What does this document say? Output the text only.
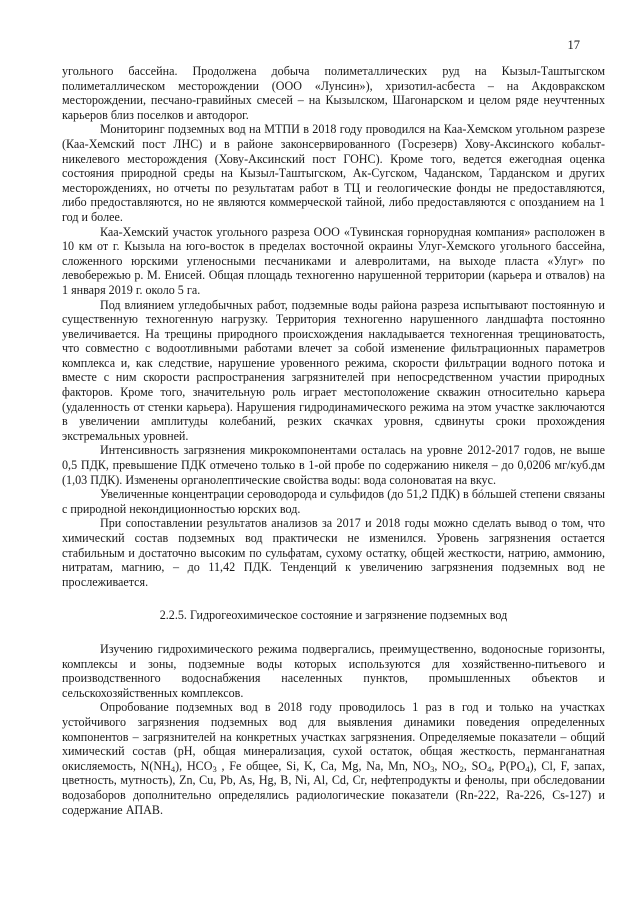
17

угольного бассейна. Продолжена добыча полиметаллических руд на Кызыл-Таштыгском полиметаллическом месторождении (ООО «Лунсин»), хризотил-асбеста – на Акдовракском месторождении, песчано-гравийных смесей – на Кызылском, Шагонарском и целом ряде неучтенных карьеров близ поселков и автодорог.

Мониторинг подземных вод на МТПИ в 2018 году проводился на Каа-Хемском угольном разрезе (Каа-Хемский пост ЛНС) и в районе законсервированного (Госрезерв) Хову-Аксинского кобальт-никелевого месторождения (Хову-Аксинский пост ГОНС). Кроме того, ведется ежегодная оценка состояния природной среды на Кызыл-Таштыгском, Ак-Сугском, Чаданском, Тарданском и других месторождениях, но отчеты по результатам работ в ТЦ и геологические фонды не предоставляются, либо предоставляются, но не являются коммерческой тайной, либо предоставляются с опозданием на 1 год и более.

Каа-Хемский участок угольного разреза ООО «Тувинская горнорудная компания» расположен в 10 км от г. Кызыла на юго-восток в пределах восточной окраины Улуг-Хемского угольного бассейна, сложенного юрскими угленосными песчаниками и алевролитами, на выходе пласта «Улуг» по левобережью р. М. Енисей. Общая площадь техногенно нарушенной территории (карьера и отвалов) на 1 января 2019 г. около 5 га.

Под влиянием угледобычных работ, подземные воды района разреза испытывают постоянную и существенную техногенную нагрузку. Территория техногенно нарушенного ландшафта постоянно увеличивается. На трещины природного происхождения накладывается техногенная трещиноватость, что совместно с водоотливными работами влечет за собой изменение фильтрационных параметров комплекса и, как следствие, нарушение уровенного режима, скорости фильтрации водного потока и вместе с ним скорости распространения загрязнителей при непосредственном участии природных факторов. Кроме того, значительную роль играет местоположение скважин относительно карьера (удаленность от стенки карьера). Нарушения гидродинамического режима на этом участке заключаются в увеличении амплитуды колебаний, резких скачках уровня, сдвинуты сроки прохождения экстремальных уровней.

Интенсивность загрязнения микрокомпонентами осталась на уровне 2012-2017 годов, не выше 0,5 ПДК, превышение ПДК отмечено только в 1-ой пробе по содержанию никеля – до 0,0206 мг/куб.дм (1,03 ПДК). Изменены органолептические свойства воды: вода солоноватая на вкус.

Увеличенные концентрации сероводорода и сульфидов (до 51,2 ПДК) в бóльшей степени связаны с природной некондиционностью юрских вод.

При сопоставлении результатов анализов за 2017 и 2018 годы можно сделать вывод о том, что химический состав подземных вод практически не изменился. Уровень загрязнения остается стабильным и достаточно высоким по сульфатам, сухому остатку, общей жесткости, натрию, аммонию, нитратам, магнию, – до 11,42 ПДК. Тенденций к увеличению загрязнения подземных вод не прослеживается.

2.2.5. Гидрогеохимическое состояние и загрязнение подземных вод

Изучению гидрохимического режима подвергались, преимущественно, водоносные горизонты, комплексы и зоны, подземные воды которых используются для хозяйственно-питьевого и производственного водоснабжения населенных пунктов, промышленных объектов и сельскохозяйственных комплексов.

Опробование подземных вод в 2018 году проводилось 1 раз в год и только на участках устойчивого загрязнения подземных вод для выявления динамики поведения определенных компонентов – загрязнителей на конкретных участках загрязнения. Определяемые показатели – общий химический состав (рН, общая минерализация, сухой остаток, общая жесткость, перманганатная окисляемость, $N(NH_4)$, $HCO_3$ , Fe общее, Si, K, Ca, Mg, Na, Mn, $NO_3$, $NO_2$, $SO_4$, $P(PO_4)$, Cl, F, запах, цветность, мутность), Zn, Cu, Pb, As, Hg, B, Ni, Al, Cd, Cr, нефтепродукты и фенолы, при обследовании водозаборов дополнительно определялись радиологические показатели (Rn-222, Ra-226, Cs-127) и содержание АПАВ.
